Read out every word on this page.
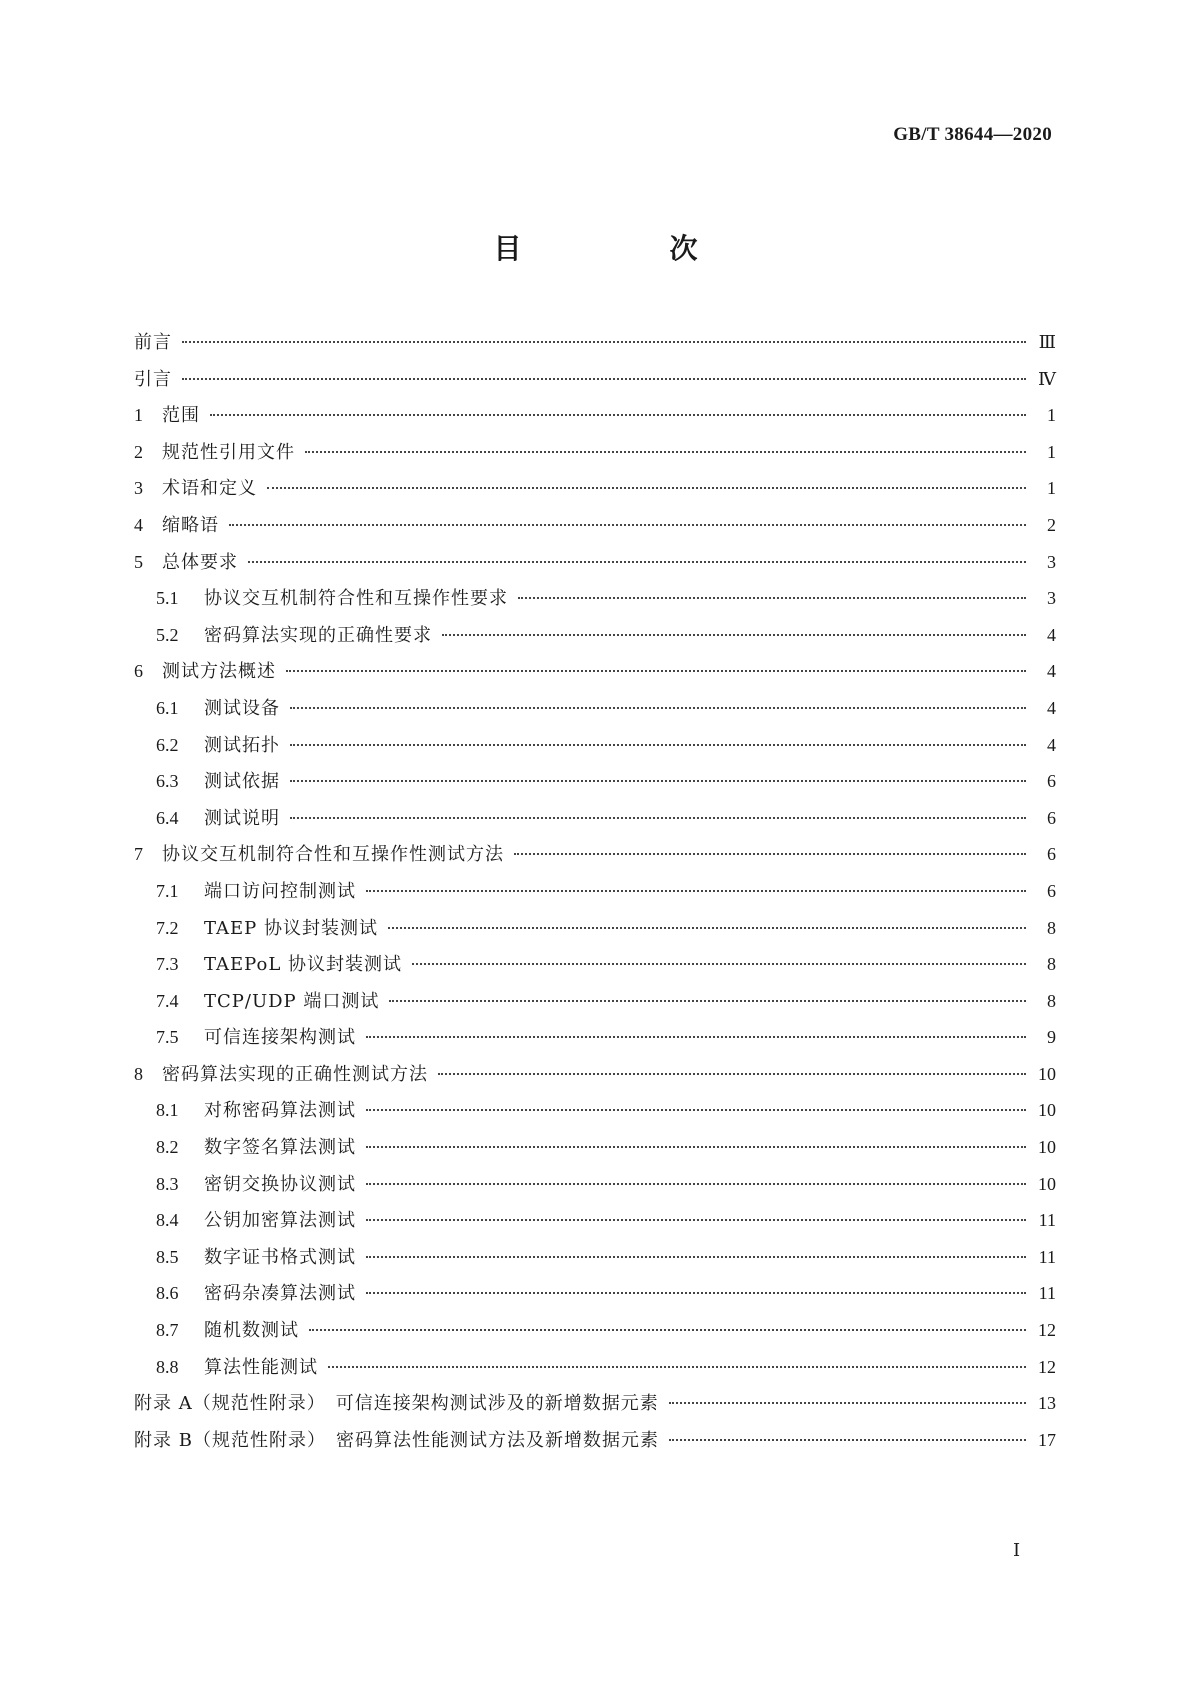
GB/T 38644—2020
目　次
前言	Ⅲ
引言	Ⅳ
1	范围	1
2	规范性引用文件	1
3	术语和定义	1
4	缩略语	2
5	总体要求	3
5.1	协议交互机制符合性和互操作性要求	3
5.2	密码算法实现的正确性要求	4
6	测试方法概述	4
6.1	测试设备	4
6.2	测试拓扑	4
6.3	测试依据	6
6.4	测试说明	6
7	协议交互机制符合性和互操作性测试方法	6
7.1	端口访问控制测试	6
7.2	TAEP 协议封装测试	8
7.3	TAEPoL 协议封装测试	8
7.4	TCP/UDP 端口测试	8
7.5	可信连接架构测试	9
8	密码算法实现的正确性测试方法	10
8.1	对称密码算法测试	10
8.2	数字签名算法测试	10
8.3	密钥交换协议测试	10
8.4	公钥加密算法测试	11
8.5	数字证书格式测试	11
8.6	密码杂凑算法测试	11
8.7	随机数测试	12
8.8	算法性能测试	12
附录 A（规范性附录）　可信连接架构测试涉及的新增数据元素	13
附录 B（规范性附录）　密码算法性能测试方法及新增数据元素	17
Ⅰ
